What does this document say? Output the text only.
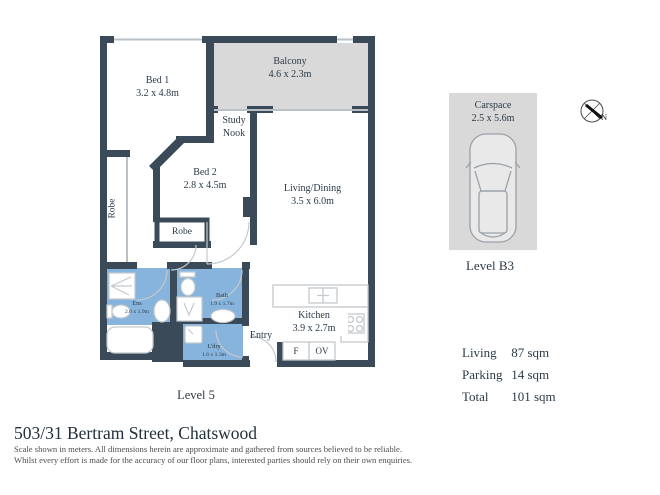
Bed 1
3.2 x 4.8m
Balcony
4.6 x 2.3m
Study
Nook
Bed 2
2.8 x 4.5m	Living/Dining
3.5 x 6.0m
Kitchen
3.9 x 2.7m
Robe
Robe
Ens
2.6 x 1.9m
Bath
1.9 x 1.7m
L'dry
1.6 x 1.3m
Entry
F	OV
Level 5
Carspace
2.5 x 5.6m
Level B3
N
Living 87 sqm
Parking 14 sqm
Total 101 sqm
503/31 Bertram Street, Chatswood
Scale shown in meters. All dimensions herein are approximate and gathered from sources believed to be reliable.
Whilst every effort is made for the accuracy of our floor plans, interested parties should rely on their own enquiries.
